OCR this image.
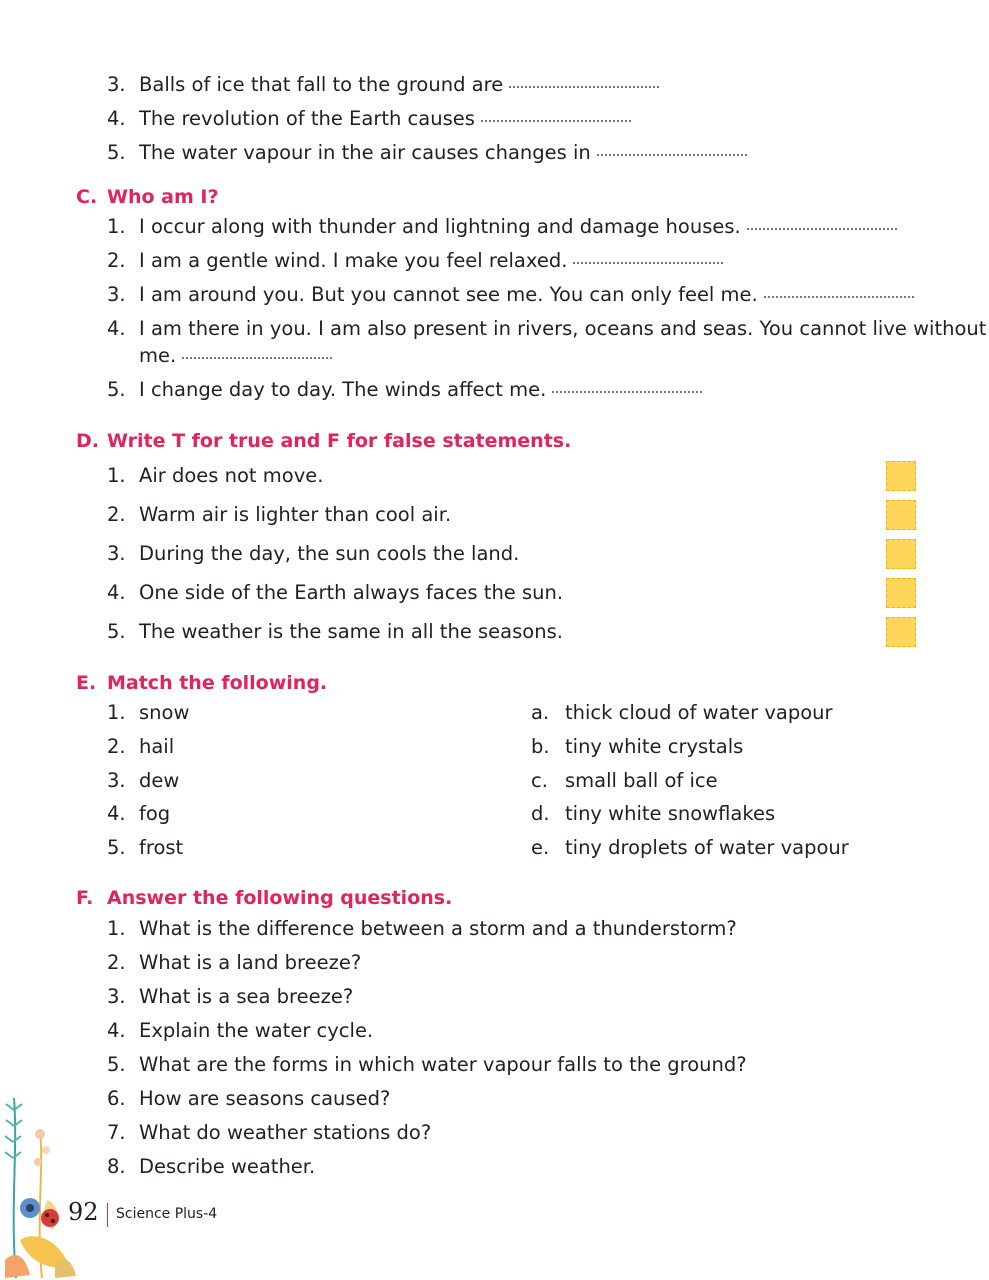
3. Balls of ice that fall to the ground are
4. The revolution of the Earth causes
5. The water vapour in the air causes changes in
C. Who am I?
1. I occur along with thunder and lightning and damage houses.
2. I am a gentle wind. I make you feel relaxed.
3. I am around you. But you cannot see me. You can only feel me.
4. I am there in you. I am also present in rivers, oceans and seas. You cannot live without
me.
5. I change day to day. The winds affect me.
D. Write T for true and F for false statements.
1. Air does not move.
2. Warm air is lighter than cool air.
3. During the day, the sun cools the land.
4. One side of the Earth always faces the sun.
5. The weather is the same in all the seasons.
E. Match the following.
1. snow	a. thick cloud of water vapour
2. hail	b. tiny white crystals
3. dew	c. small ball of ice
4. fog	d. tiny white snowflakes
5. frost	e. tiny droplets of water vapour
F. Answer the following questions.
1. What is the difference between a storm and a thunderstorm?
2. What is a land breeze?
3. What is a sea breeze?
4. Explain the water cycle.
5. What are the forms in which water vapour falls to the ground?
6. How are seasons caused?
7. What do weather stations do?
8. Describe weather.
92 Science Plus-4
